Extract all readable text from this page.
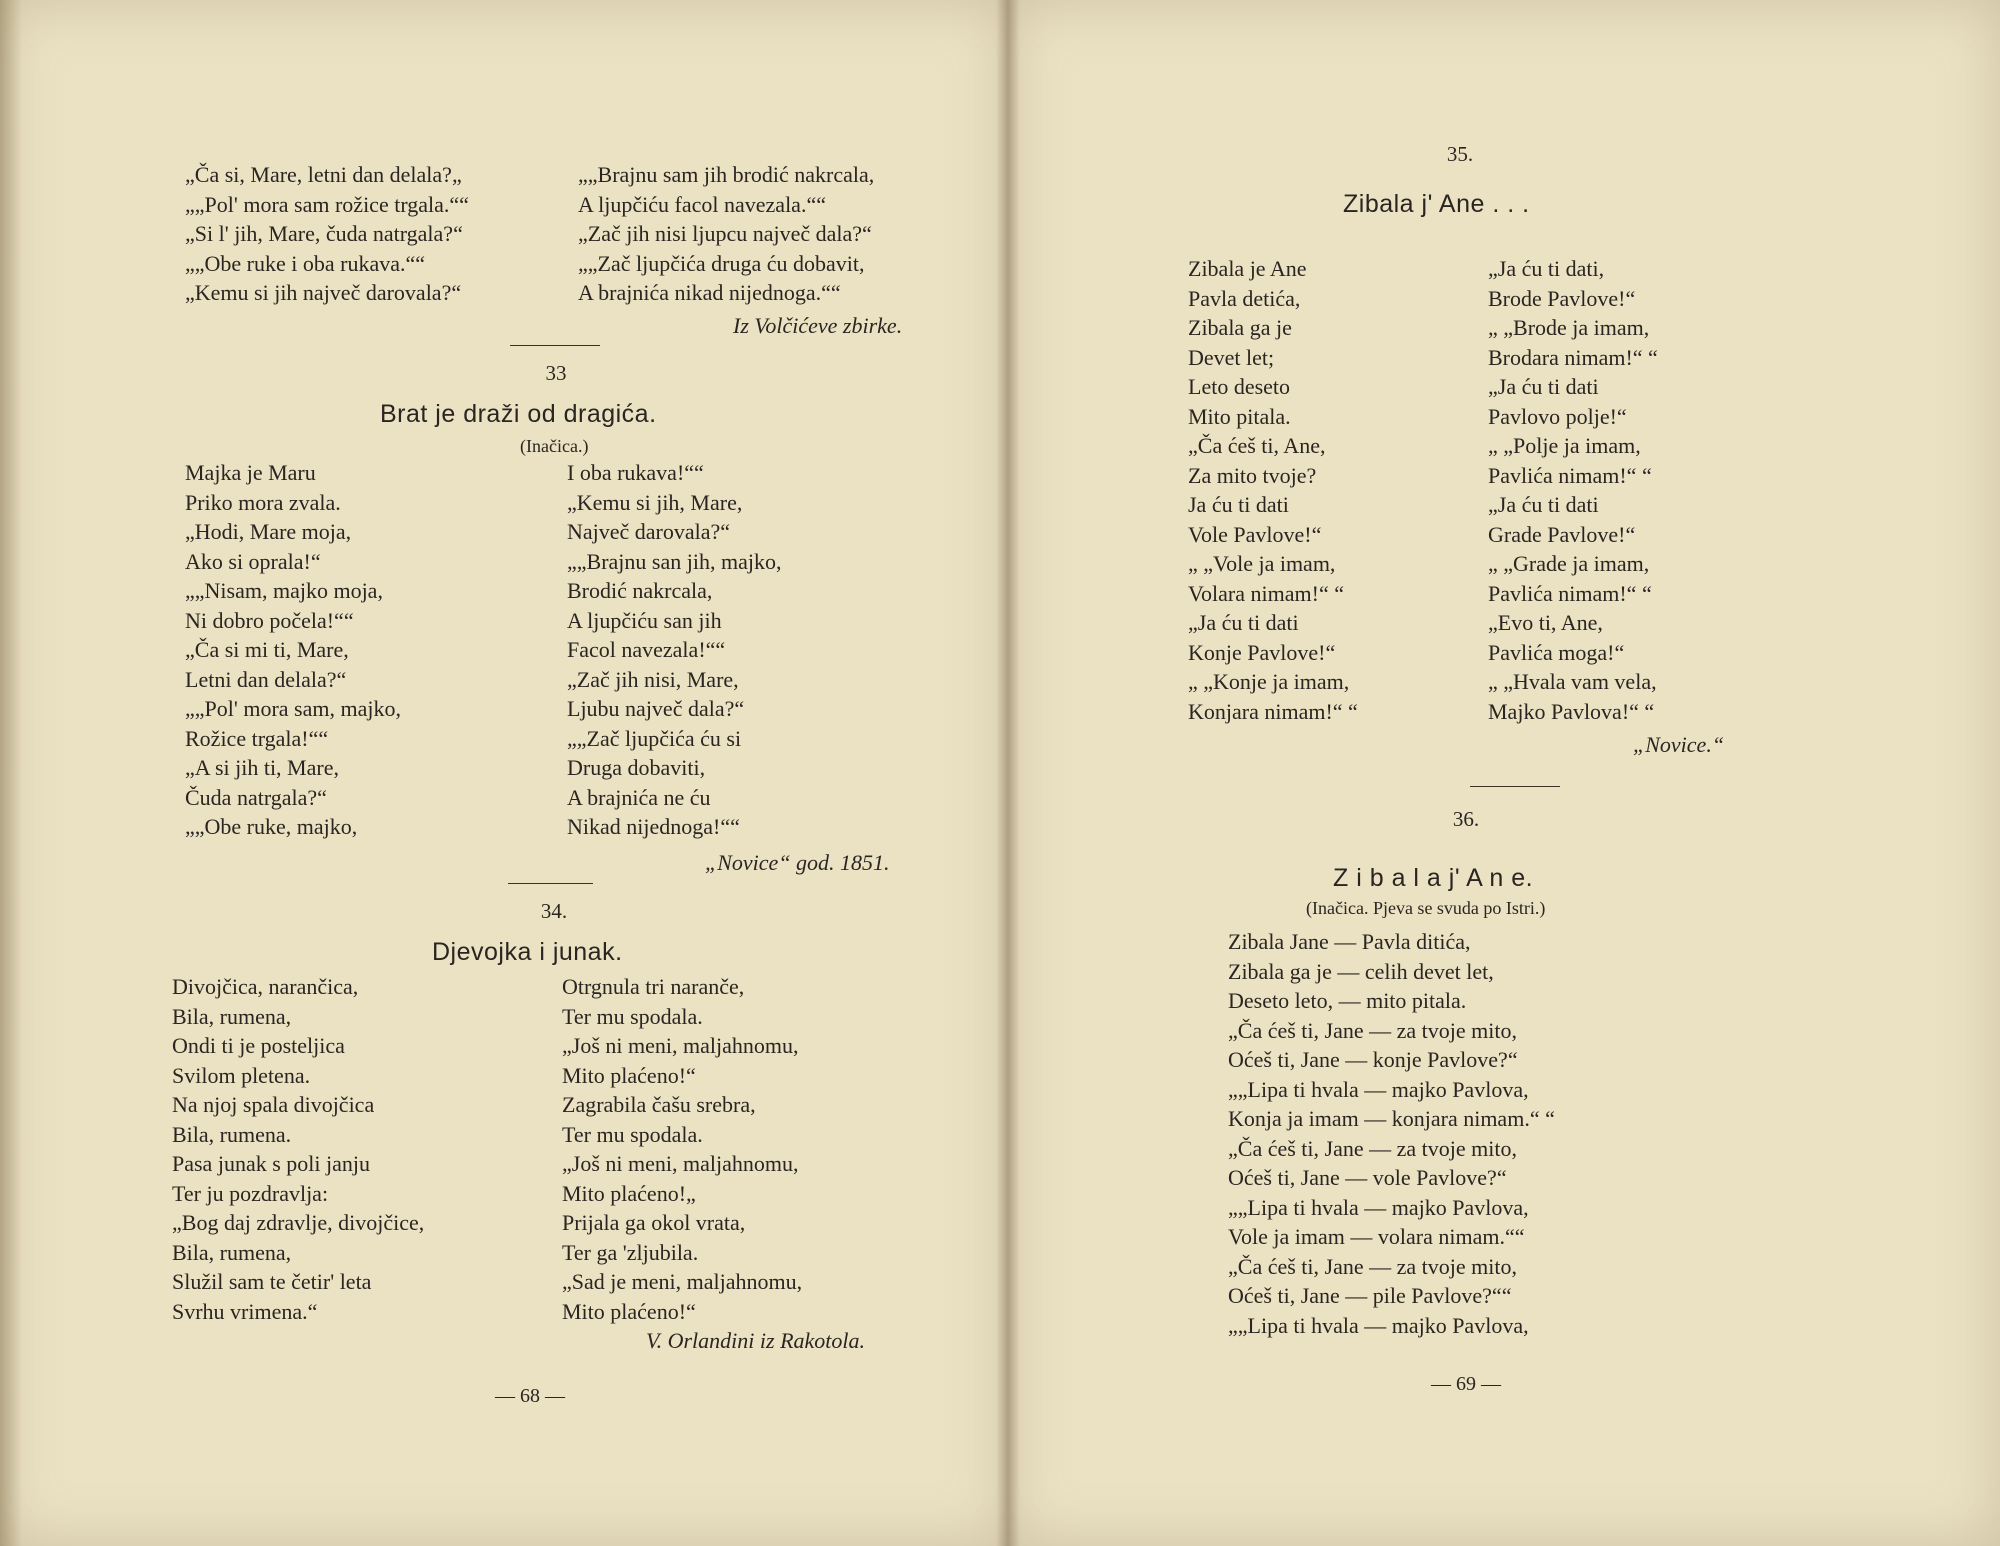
„Ča si, Mare, letni dan delala?„
„„Pol' mora sam rožice trgala.““
„Si l' jih, Mare, čuda natrgala?“
„„Obe ruke i oba rukava.““
„Kemu si jih največ darovala?“
„„Brajnu sam jih brodić nakrcala,
A ljupčiću facol navezala.““
„Zač jih nisi ljupcu največ dala?“
„„Zač ljupčića druga ću dobavit,
A brajnića nikad nijednoga.““
Iz Volčićeve zbirke.
33
Brat je draži od dragića.
(Inačica.)
Majka je Maru
Priko mora zvala.
„Hodi, Mare moja,
Ako si oprala!“
„„Nisam, majko moja,
Ni dobro počela!““
„Ča si mi ti, Mare,
Letni dan delala?“
„„Pol' mora sam, majko,
Rožice trgala!““
„A si jih ti, Mare,
Čuda natrgala?“
„„Obe ruke, majko,
I oba rukava!““
„Kemu si jih, Mare,
Največ darovala?“
„„Brajnu san jih, majko,
Brodić nakrcala,
A ljupčiću san jih
Facol navezala!““
„Zač jih nisi, Mare,
Ljubu največ dala?“
„„Zač ljupčića ću si
Druga dobaviti,
A brajnića ne ću
Nikad nijednoga!““
„Novice“ god. 1851.
34.
Djevojka i junak.
Divojčica, narančica,
Bila, rumena,
Ondi ti je posteljica
Svilom pletena.
Na njoj spala divojčica
Bila, rumena.
Pasa junak s poli janju
Ter ju pozdravlja:
„Bog daj zdravlje, divojčice,
Bila, rumena,
Služil sam te četir' leta
Svrhu vrimena.“
Otrgnula tri naranče,
Ter mu spodala.
„Još ni meni, maljahnomu,
Mito plaćeno!“
Zagrabila čašu srebra,
Ter mu spodala.
„Još ni meni, maljahnomu,
Mito plaćeno!„
Prijala ga okol vrata,
Ter ga 'zljubila.
„Sad je meni, maljahnomu,
Mito plaćeno!“
V. Orlandini iz Rakotola.
— 68 —
35.
Zibala j' Ane . . .
Zibala je Ane
Pavla detića,
Zibala ga je
Devet let;
Leto deseto
Mito pitala.
„Ča ćeš ti, Ane,
Za mito tvoje?
Ja ću ti dati
Vole Pavlove!“
„ „Vole ja imam,
Volara nimam!“ “
„Ja ću ti dati
Konje Pavlove!“
„ „Konje ja imam,
Konjara nimam!“ “
„Ja ću ti dati,
Brode Pavlove!“
„ „Brode ja imam,
Brodara nimam!“ “
„Ja ću ti dati
Pavlovo polje!“
„ „Polje ja imam,
Pavlića nimam!“ “
„Ja ću ti dati
Grade Pavlove!“
„ „Grade ja imam,
Pavlića nimam!“ “
„Evo ti, Ane,
Pavlića moga!“
„ „Hvala vam vela,
Majko Pavlova!“ “
„Novice.“
36.
Z i b a l a j' A n e.
(Inačica. Pjeva se svuda po Istri.)
Zibala Jane — Pavla ditića,
Zibala ga je — celih devet let,
Deseto leto, — mito pitala.
„Ča ćeš ti, Jane — za tvoje mito,
Oćeš ti, Jane — konje Pavlove?“
„„Lipa ti hvala — majko Pavlova,
Konja ja imam — konjara nimam.“ “
„Ča ćeš ti, Jane — za tvoje mito,
Oćeš ti, Jane — vole Pavlove?“
„„Lipa ti hvala — majko Pavlova,
Vole ja imam — volara nimam.““
„Ča ćeš ti, Jane — za tvoje mito,
Oćeš ti, Jane — pile Pavlove?““
„„Lipa ti hvala — majko Pavlova,
— 69 —
